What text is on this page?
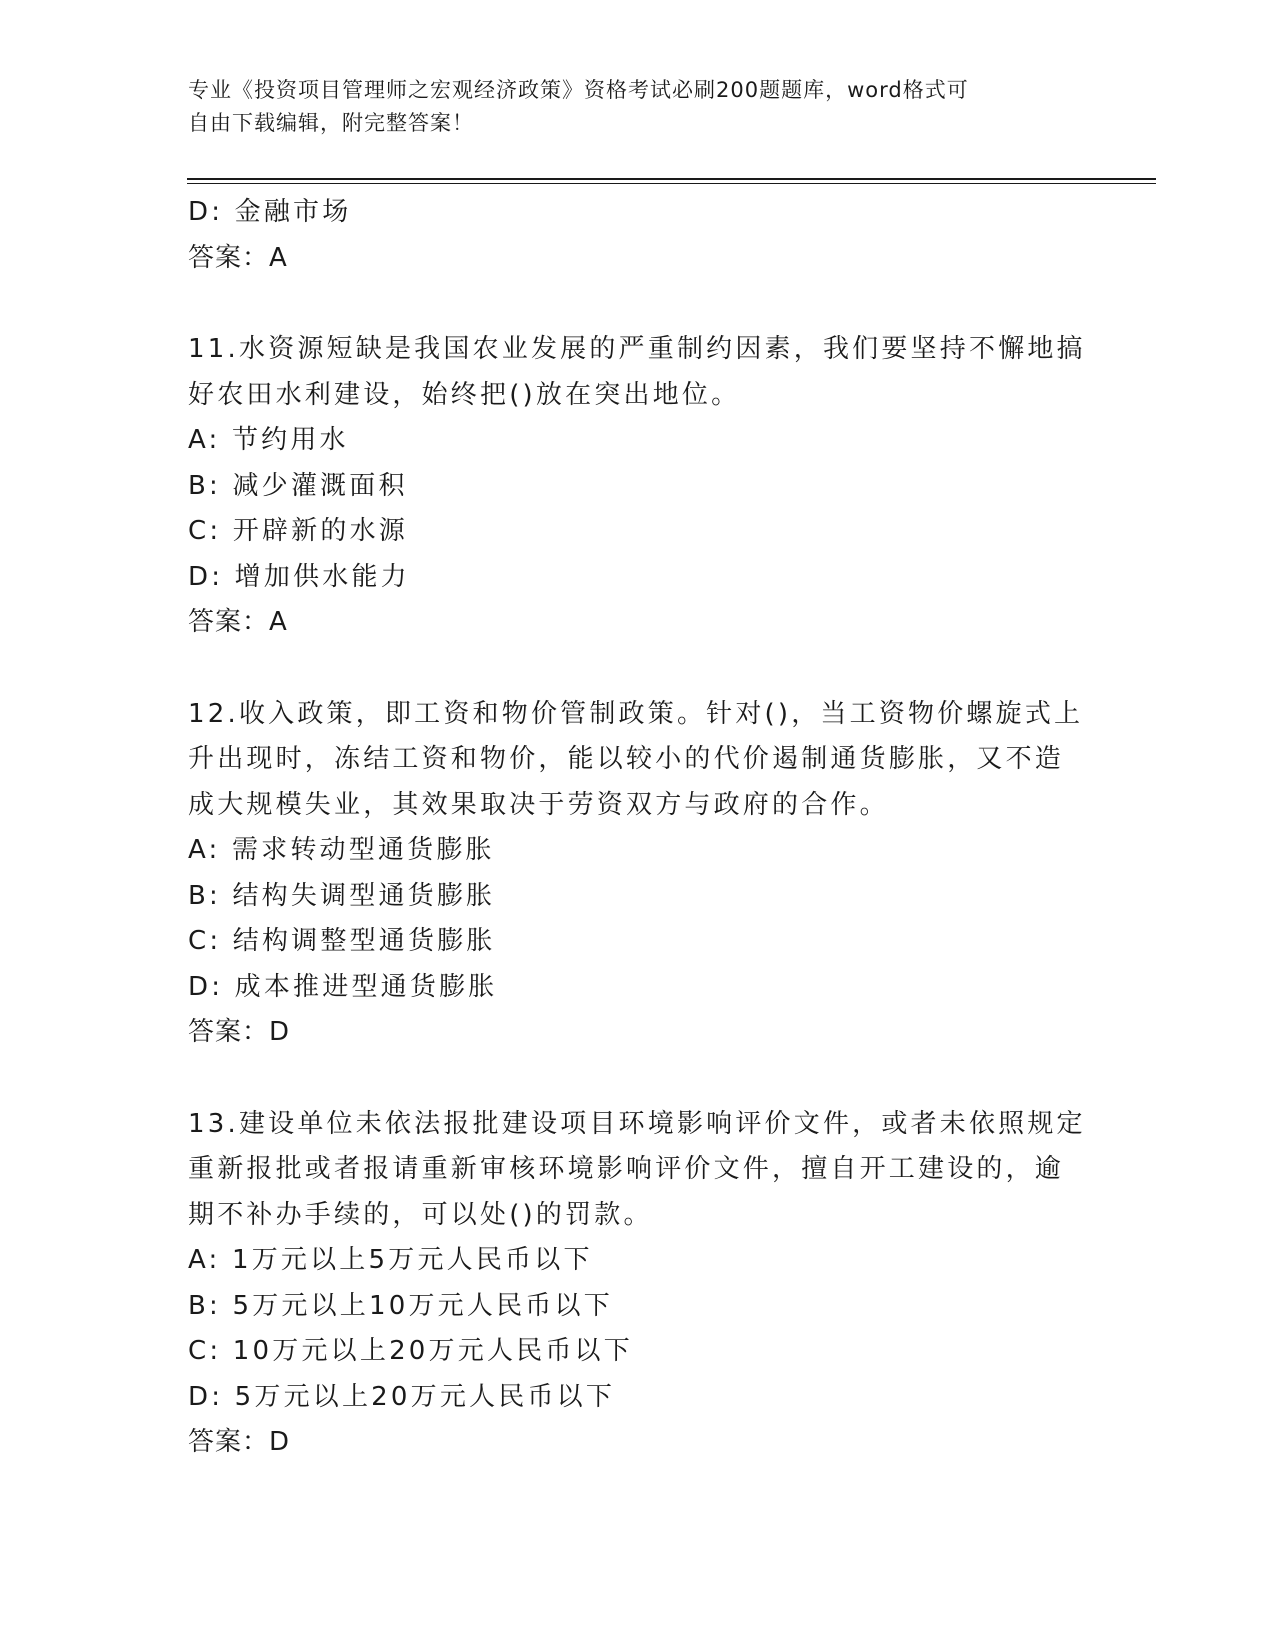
专业《投资项目管理师之宏观经济政策》资格考试必刷200题题库，word格式可
自由下载编辑，附完整答案！
D: 金融市场
答案：A
11.水资源短缺是我国农业发展的严重制约因素，我们要坚持不懈地搞
好农田水利建设，始终把()放在突出地位。
A: 节约用水
B: 减少灌溉面积
C: 开辟新的水源
D: 增加供水能力
答案：A
12.收入政策，即工资和物价管制政策。针对()，当工资物价螺旋式上
升出现时，冻结工资和物价，能以较小的代价遏制通货膨胀，又不造
成大规模失业，其效果取决于劳资双方与政府的合作。
A: 需求转动型通货膨胀
B: 结构失调型通货膨胀
C: 结构调整型通货膨胀
D: 成本推进型通货膨胀
答案：D
13.建设单位未依法报批建设项目环境影响评价文件，或者未依照规定
重新报批或者报请重新审核环境影响评价文件，擅自开工建设的，逾
期不补办手续的，可以处()的罚款。
A: 1万元以上5万元人民币以下
B: 5万元以上10万元人民币以下
C: 10万元以上20万元人民币以下
D: 5万元以上20万元人民币以下
答案：D
